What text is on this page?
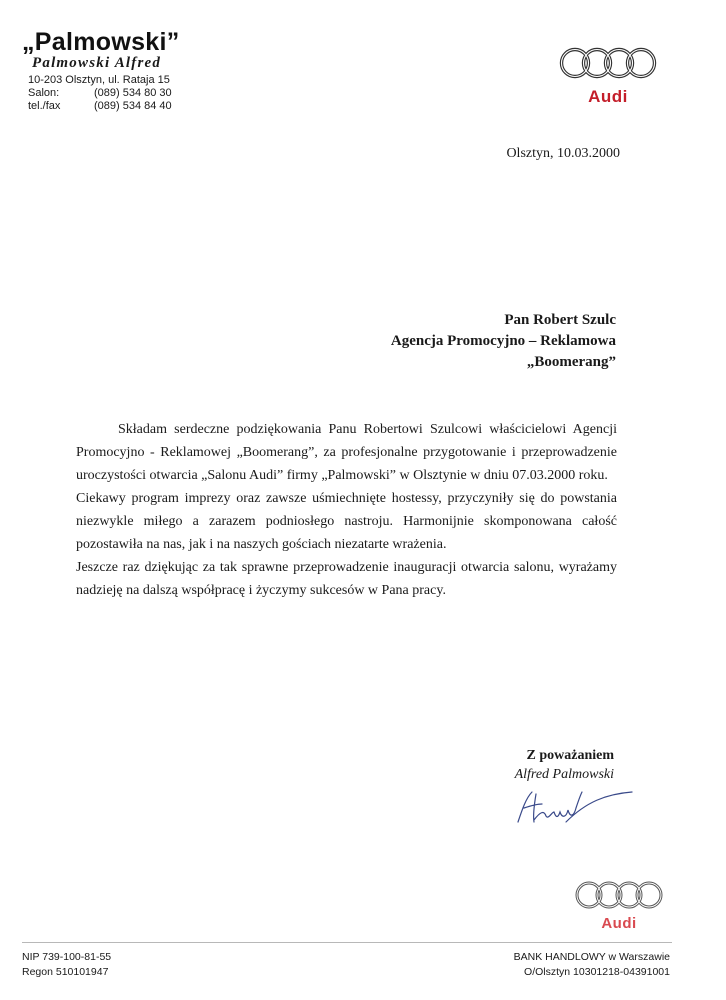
„Palmowski”
Palmowski Alfred
10-203 Olsztyn, ul. Rataja 15
Salon:	(089) 534 80 30
tel./fax	(089) 534 84 40	Audi
Olsztyn, 10.03.2000
Pan Robert Szulc
Agencja Promocyjno – Reklamowa
„Boomerang”

Składam serdeczne podziękowania Panu Robertowi Szulcowi właścicielowi Agencji Promocyjno - Reklamowej „Boomerang”, za profesjonalne przygotowanie i przeprowadzenie uroczystości otwarcia „Salonu Audi” firmy „Palmowski” w Olsztynie w dniu 07.03.2000 roku.

Ciekawy program imprezy oraz zawsze uśmiechnięte hostessy, przyczyniły się do powstania niezwykle miłego a zarazem podniosłego nastroju. Harmonijnie skomponowana całość pozostawiła na nas, jak i na naszych gościach niezatarte wrażenia.

Jeszcze raz dziękując za tak sprawne przeprowadzenie inauguracji otwarcia salonu, wyrażamy nadzieję na dalszą współpracę i życzymy sukcesów w Pana pracy.

Z poważaniem
Alfred Palmowski
Audi
NIP 739-100-81-55
Regon 510101947
BANK HANDLOWY w Warszawie
O/Olsztyn 10301218-04391001
